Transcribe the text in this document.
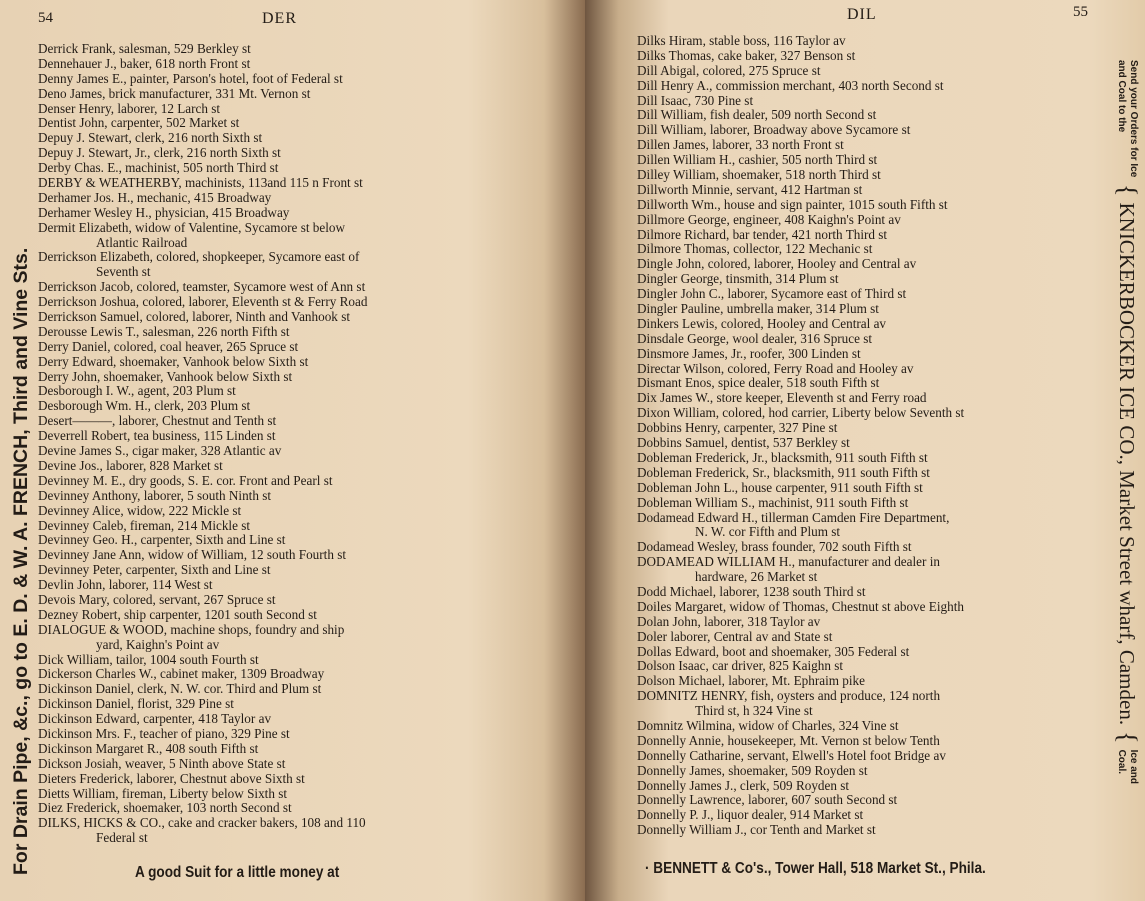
54	DER
Derrick Frank, salesman, 529 Berkley st
Dennehauer J., baker, 618 north Front st
Denny James E., painter, Parson's hotel, foot of Federal st
Deno James, brick manufacturer, 331 Mt. Vernon st
Denser Henry, laborer, 12 Larch st
Dentist John, carpenter, 502 Market st
Depuy J. Stewart, clerk, 216 north Sixth st
Depuy J. Stewart, Jr., clerk, 216 north Sixth st
Derby Chas. E., machinist, 505 north Third st
DERBY & WEATHERBY, machinists, 113and 115 n Front st
Derhamer Jos. H., mechanic, 415 Broadway
Derhamer Wesley H., physician, 415 Broadway
Dermit Elizabeth, widow of Valentine, Sycamore st below
Atlantic Railroad
Derrickson Elizabeth, colored, shopkeeper, Sycamore east of
Seventh st
Derrickson Jacob, colored, teamster, Sycamore west of Ann st
Derrickson Joshua, colored, laborer, Eleventh st & Ferry Road
Derrickson Samuel, colored, laborer, Ninth and Vanhook st
Derousse Lewis T., salesman, 226 north Fifth st
Derry Daniel, colored, coal heaver, 265 Spruce st
Derry Edward, shoemaker, Vanhook below Sixth st
Derry John, shoemaker, Vanhook below Sixth st
Desborough I. W., agent, 203 Plum st
Desborough Wm. H., clerk, 203 Plum st
Desert———, laborer, Chestnut and Tenth st
Deverrell Robert, tea business, 115 Linden st
Devine James S., cigar maker, 328 Atlantic av
Devine Jos., laborer, 828 Market st
Devinney M. E., dry goods, S. E. cor. Front and Pearl st
Devinney Anthony, laborer, 5 south Ninth st
Devinney Alice, widow, 222 Mickle st
Devinney Caleb, fireman, 214 Mickle st
Devinney Geo. H., carpenter, Sixth and Line st
Devinney Jane Ann, widow of William, 12 south Fourth st
Devinney Peter, carpenter, Sixth and Line st
Devlin John, laborer, 114 West st
Devois Mary, colored, servant, 267 Spruce st
Dezney Robert, ship carpenter, 1201 south Second st
DIALOGUE & WOOD, machine shops, foundry and ship
yard, Kaighn's Point av
Dick William, tailor, 1004 south Fourth st
Dickerson Charles W., cabinet maker, 1309 Broadway
Dickinson Daniel, clerk, N. W. cor. Third and Plum st
Dickinson Daniel, florist, 329 Pine st
Dickinson Edward, carpenter, 418 Taylor av
Dickinson Mrs. F., teacher of piano, 329 Pine st
Dickinson Margaret R., 408 south Fifth st
Dickson Josiah, weaver, 5 Ninth above State st
Dieters Frederick, laborer, Chestnut above Sixth st
Dietts William, fireman, Liberty below Sixth st
Diez Frederick, shoemaker, 103 north Second st
DILKS, HICKS & CO., cake and cracker bakers, 108 and 110
Federal st
For Drain Pipe, &c., go to E. D. & W. A. FRENCH, Third and Vine Sts.	A good Suit for a little money at
DIL	55
Dilks Hiram, stable boss, 116 Taylor av
Dilks Thomas, cake baker, 327 Benson st
Dill Abigal, colored, 275 Spruce st
Dill Henry A., commission merchant, 403 north Second st
Dill Isaac, 730 Pine st
Dill William, fish dealer, 509 north Second st
Dill William, laborer, Broadway above Sycamore st
Dillen James, laborer, 33 north Front st
Dillen William H., cashier, 505 north Third st
Dilley William, shoemaker, 518 north Third st
Dillworth Minnie, servant, 412 Hartman st
Dillworth Wm., house and sign painter, 1015 south Fifth st
Dillmore George, engineer, 408 Kaighn's Point av
Dilmore Richard, bar tender, 421 north Third st
Dilmore Thomas, collector, 122 Mechanic st
Dingle John, colored, laborer, Hooley and Central av
Dingler George, tinsmith, 314 Plum st
Dingler John C., laborer, Sycamore east of Third st
Dingler Pauline, umbrella maker, 314 Plum st
Dinkers Lewis, colored, Hooley and Central av
Dinsdale George, wool dealer, 316 Spruce st
Dinsmore James, Jr., roofer, 300 Linden st
Directar Wilson, colored, Ferry Road and Hooley av
Dismant Enos, spice dealer, 518 south Fifth st
Dix James W., store keeper, Eleventh st and Ferry road
Dixon William, colored, hod carrier, Liberty below Seventh st
Dobbins Henry, carpenter, 327 Pine st
Dobbins Samuel, dentist, 537 Berkley st
Dobleman Frederick, Jr., blacksmith, 911 south Fifth st
Dobleman Frederick, Sr., blacksmith, 911 south Fifth st
Dobleman John L., house carpenter, 911 south Fifth st
Dobleman William S., machinist, 911 south Fifth st
Dodamead Edward H., tillerman Camden Fire Department,
N. W. cor Fifth and Plum st
Dodamead Wesley, brass founder, 702 south Fifth st
DODAMEAD WILLIAM H., manufacturer and dealer in
hardware, 26 Market st
Dodd Michael, laborer, 1238 south Third st
Doiles Margaret, widow of Thomas, Chestnut st above Eighth
Dolan John, laborer, 318 Taylor av
Doler laborer, Central av and State st
Dollas Edward, boot and shoemaker, 305 Federal st
Dolson Isaac, car driver, 825 Kaighn st
Dolson Michael, laborer, Mt. Ephraim pike
DOMNITZ HENRY, fish, oysters and produce, 124 north
Third st, h 324 Vine st
Domnitz Wilmina, widow of Charles, 324 Vine st
Donnelly Annie, housekeeper, Mt. Vernon st below Tenth
Donnelly Catharine, servant, Elwell's Hotel foot Bridge av
Donnelly James, shoemaker, 509 Royden st
Donnelly James J., clerk, 509 Royden st
Donnelly Lawrence, laborer, 607 south Second st
Donnelly P. J., liquor dealer, 914 Market st
Donnelly William J., cor Tenth and Market st
Send your Orders for Ice and Coal to the
{
KNICKERBOCKER ICE CO., Market Street wharf, Camden.
{
Ice and Coal.
· BENNETT & Co's., Tower Hall, 518 Market St., Phila.
